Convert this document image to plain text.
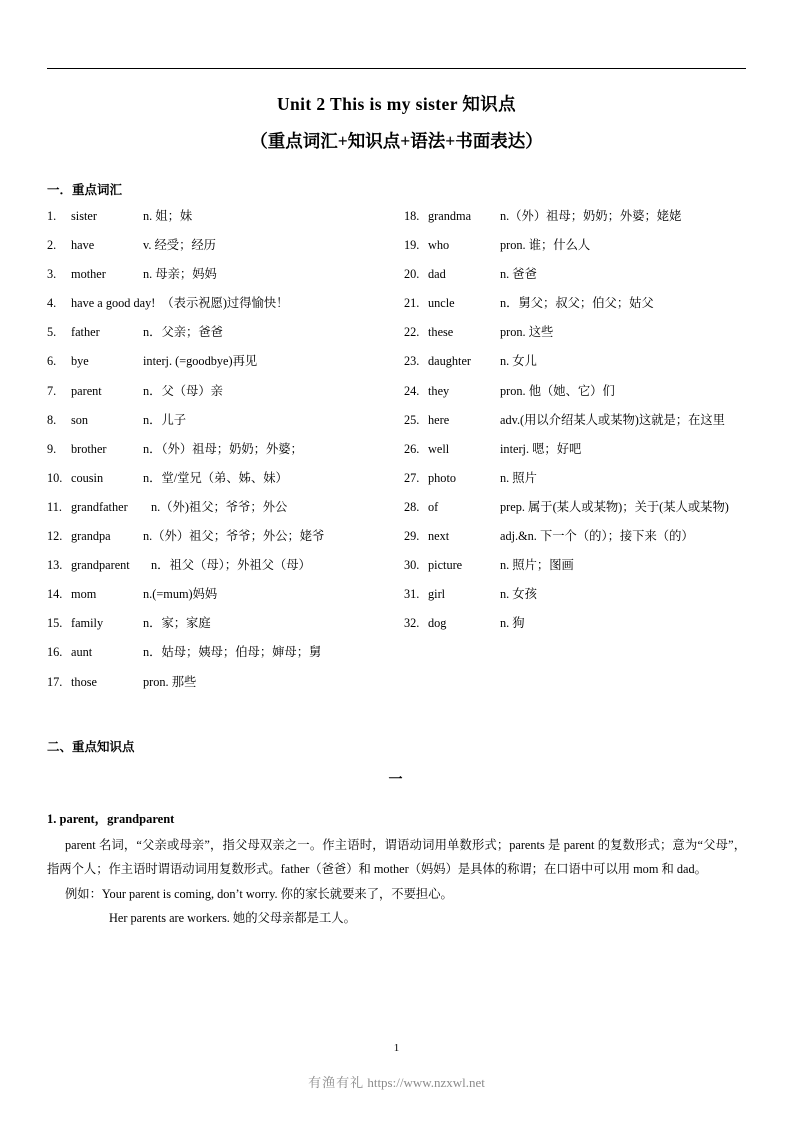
Unit 2 This is my sister 知识点
（重点词汇+知识点+语法+书面表达）
一．重点词汇
1.	sister	n. 姐；妹
2.	have	v. 经受；经历
3.	mother	n. 母亲；妈妈
4.	have a good day! （表示祝愿)过得愉快！
5.	father	n．父亲；爸爸
6.	bye	interj. (=goodbye)再见
7.	parent	n．父（母）亲
8.	son	n．儿子
9.	brother	n．（外）祖母；奶奶；外婆；
10. cousin	n．堂/堂兄（弟、姊、妹）
11. grandfather	n.（外)祖父；爷爷；外公
12. grandpa	n.（外）祖父；爷爷；外公；姥爷
13. grandparent	n．祖父（母）；外祖父（母）
14. mom	n.(=mum)妈妈
15. family	n．家；家庭
16. aunt	n．姑母；姨母；伯母；婶母；舅
17. those	pron. 那些
18. grandma	n.（外）祖母；奶奶；外婆；姥姥
19. who	pron. 谁；什么人
20. dad	n. 爸爸
21. uncle	n．舅父；叔父；伯父；姑父
22. these	pron. 这些
23. daughter	n. 女儿
24. they	pron. 他（她、它）们
25. here	adv.(用以介绍某人或某物)这就是；在这里
26. well	interj. 嗯；好吧
27. photo	n. 照片
28. of	prep. 属于(某人或某物)；关于(某人或某物)
29. next	adj.&n. 下一个（的）；接下来（的）
30. picture	n. 照片；图画
31. girl	n. 女孩
32. dog	n. 狗
二、重点知识点
一
1. parent，grandparent
parent 名词，“父亲或母亲”，指父母双亲之一。作主语时，谓语动词用单数形式；parents 是 parent 的复数形式；意为“父母”，指两个人；作主语时谓语动词用复数形式。father（爸爸）和 mother（妈妈）是具体的称谓；在口语中可以用 mom 和 dad。
例如：Your parent is coming, don’t worry. 你的家长就要来了，不要担心。
Her parents are workers. 她的父母亲都是工人。
1
有渔有礼 https://www.nzxwl.net
